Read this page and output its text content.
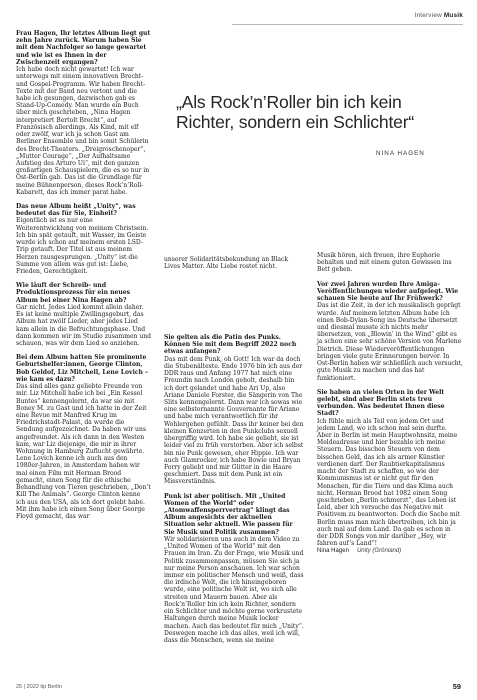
Interview Musik

Frau Hagen, Ihr letztes Album liegt gut zehn Jahre zurück. Warum haben Sie mit dem Nachfolger so lange gewartet und wie ist es Ihnen in der Zwischenzeit ergangen?

Ich habe doch nicht gewartet! Ich war unterwegs mit einem innovativen Brecht- und Gospel-Programm. Wir haben Brecht-Texte mit der Band neu vertont und die habe ich gesungen, dazwischen gab es Stand-Up-Comedy. Man wurde ein Buch über mich geschrieben, „Nina Hagen interpretiert Bertolt Brecht“, auf Französisch allerdings. Als Kind, mit elf oder zwölf, war ich ja schon Gast am Berliner Ensemble und bin somit Schülerin des Brecht-Theaters. „Dreigroschenoper“, „Mutter Courage“, „Der Aufhaltsame Aufstieg des Arturo Ui“, mit den ganzen großartigen Schauspielern, die es so nur in Ost-Berlin gab. Das ist die Grundlage für meine Bühnenperson, dieses Rock’n’Roll-Kabarett, das ich immer parat habe.

Das neue Album heißt „Unity“, was bedeutet das für Sie, Einheit?

Eigentlich ist es nur eine Weiterentwicklung von meinem Christsein. Ich bin spät getauft, mit Wasser, im Geiste wurde ich schon auf meinem ersten LSD-Trip getauft. Der Titel ist aus meinem Herzen rausgesprungen. „Unity“ ist die Summe von allem was gut ist: Liebe, Frieden, Gerechtigkeit.

Wie läuft der Schreib- und Produktionsprozess für ein neues Album bei einer Nina Hagen ab?

Gar nicht. Jedes Lied kommt allein daher. Es ist keine multiple Zwillingsgeburt, das Album hat zwölf Lieder, aber jedes Lied kam allein in die Befruchtungsphase. Und dann kommen wir im Studio zusammen und schauen, was wir dem Lied so anziehen.

Bei dem Album hatten Sie prominente Geburtshelfer:innen, George Clinton, Bob Geldof, Liz Mitchell, Lene Lovich – wie kam es dazu?

Das sind alles ganz geliebte Freunde von mir. Liz Mitchell habe ich bei „Ein Kessel Buntes“ kennengelernt, da war sie mit Boney M. zu Gast und ich hatte in der Zeit eine Revue mit Manfred Krug im Friedrichstadt-Palast, da wurde die Sendung aufgezeichnet. Da haben wir uns angefreundet. Als ich dann in den Westen kam, war Liz diejenige, die mir in ihrer Wohnung in Hamburg Zuflucht gewährte. Lene Lovich kenne ich auch aus den 1980er-Jahren, in Amsterdam haben wir mal einen Film mit Herman Brood gemacht, einen Song für die ethische Behandlung von Tieren geschrieben, „Don’t Kill The Animals“. George Clinton kenne ich aus den USA, als ich dort gelebt habe. Mit ihm habe ich einen Song über George Floyd gemacht, das war

„Als Rock’n’Roller bin ich kein Richter, sondern ein Schlichter“
NINA HAGEN

unserer Solidaritätsbekundung an Black Lives Matter. Alte Liebe rostet nicht.

Sie gelten als die Patin des Punks. Können Sie mit dem Begriff 2022 noch etwas anfangen?

Das mit dem Punk, oh Gott! Ich war da doch die Stubenälteste. Ende 1976 bin ich aus der DDR raus und Anfang 1977 hat mich eine Freundin nach London geholt, deshalb bin ich dort gelandet und habe Ari Up, also Ariane Daniele Forster, die Sängerin von The Slits kennengelernt. Dann war ich sowas wie eine selbsternannte Gouvernante für Ariane und habe mich verantwortlich für ihr Wohlergehen gefühlt. Dass ihr keiner bei den kleinen Konzerten in den Punkclubs sexuell übergriffig wird. Ich habe sie geliebt, sie ist leider viel zu früh verstorben. Aber ich selbst bin nie Punk gewesen, eher Hippie. Ich war auch Glamrocker, ich habe Bowie und Bryan Ferry geliebt und mir Glitter in die Haare geschmiert. Dass mit dem Punk ist ein Missverständnis.

Punk ist aber politisch. Mit „United Women of the World“ oder „Atomwaffensperrvertrag“ klingt das Album angesichts der aktuellen Situation sehr aktuell. Wie passen für Sie Musik und Politik zusammen?

Wir solidarisieren uns auch in dem Video zu „United Women of the World“ mit den Frauen im Iran. Zu der Frage, wie Musik und Politik zusammenpassen, müssen Sie sich ja nur meine Person anschauen. Ich war schon immer ein politischer Mensch und weiß, dass die irdische Welt, die ich hineingeboren wurde, eine politische Welt ist, wo sich alle streiten und Mauern bauen. Aber als Rock’n’Roller bin ich kein Richter, sondern ein Schlichter und möchte gerne verkrustete Haltungen durch meine Musik locker machen. Auch das bedeutet für mich „Unity“. Deswegen mache ich das alles, weil ich will, dass die Menschen, wenn sie meine

Musik hören, sich freuen, ihre Euphorie behalten und mit einem guten Gewissen ins Bett gehen.

Vor zwei Jahren wurden Ihre Amiga-Veröffentlichungen wieder aufgelegt. Wie schauen Sie heute auf Ihr Frühwerk?

Das ist die Zeit, in der ich musikalisch geprägt wurde. Auf meinem letzten Album habe ich einen Bob-Dylan-Song ins Deutsche übersetzt und diesmal musste ich nichts mehr übersetzen, von „Blowin’ in the Wind“ gibt es ja schon eine sehr schöne Version von Marlene Dietrich. Diese Wiederveröffentlichungen bringen viele gute Erinnerungen hervor. In Ost-Berlin haben wir schließlich auch versucht, gute Musik zu machen und das hat funktioniert.

Sie haben an vielen Orten in der Welt gelebt, sind aber Berlin stets treu verbunden. Was bedeutet Ihnen diese Stadt?

Ich fühle mich als Teil von jedem Ort und jedem Land, wo ich schon mal sein durfte. Aber in Berlin ist mein Hauptwohnsitz, meine Meldeadresse und hier bezahle ich meine Steuern. Das bisschen Steuern von dem bisschen Geld, das ich als armer Künstler verdienen darf. Der Raubtierkapitalismus macht der Stadt zu schaffen, so wie der Kommunismus ist er nicht gut für den Menschen, für die Tiere und das Klima auch nicht. Herman Brood hat 1982 einen Song geschrieben „Berlin schmerzt“, das Leben ist Leid, aber ich versuche das Negative mit Positivem zu beantworten. Doch die Sache mit Berlin muss man mich übertreiben, ich bin ja auch mal auf dem Land. Da gab es schon in der DDR Songs von mir darüber „Hey, wir fahren auf’s Land“!

Nina Hagen Unity (Grönland)

25 | 2022 tip Berlin	59
